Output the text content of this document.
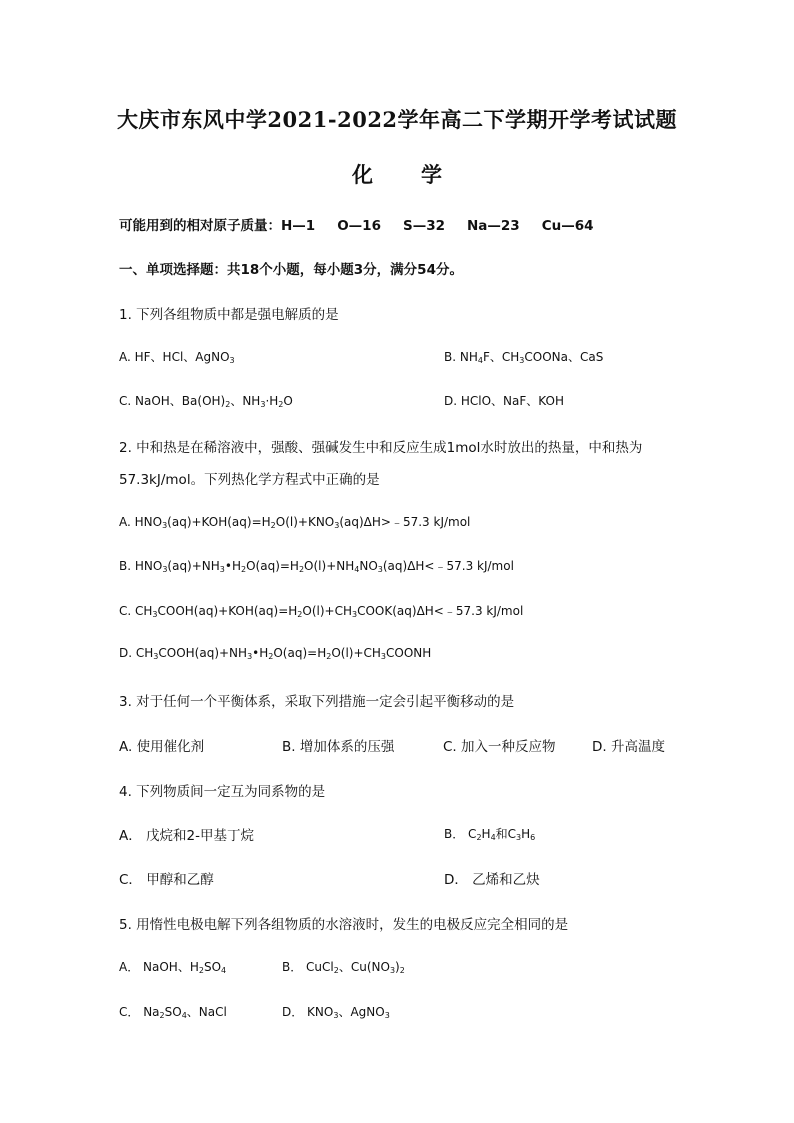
大庆市东风中学2021-2022学年高二下学期开学考试试题
化 学
可能用到的相对原子质量：H—1 O—16 S—32 Na—23 Cu—64
一、单项选择题：共18个小题，每小题3分，满分54分。
1. 下列各组物质中都是强电解质的是
A. HF、HCl、AgNO$_3$	B. $NH_4F$、$CH_3COONa$、CaS
C. NaOH、$Ba(OH)_2$、$NH_3\cdot H_2O$	D. HClO、NaF、KOH
2. 中和热是在稀溶液中，强酸、强碱发生中和反应生成1mol水时放出的热量，中和热为
57.3kJ/mol。下列热化学方程式中正确的是
A. $HNO_3(aq)+KOH(aq)=H_2O(l)+KNO_3(aq)\Delta H>﹣57.3$ kJ/mol
B. $HNO_3(aq)+NH_3•H_2O(aq)=H_2O(l)+NH_4NO_3(aq)\Delta H<﹣57.3$ kJ/mol
C. $CH_3COOH(aq)+KOH(aq)=H_2O(l)+CH_3COOK(aq)\Delta H<﹣57.3$ kJ/mol
D. $CH_3COOH(aq)+NH_3•H_2O(aq)=H_2O(l)+CH_3COONH$
3. 对于任何一个平衡体系，采取下列措施一定会引起平衡移动的是
A. 使用催化剂	B. 增加体系的压强	C. 加入一种反应物	D. 升高温度
4. 下列物质间一定互为同系物的是
A． 戊烷和2-甲基丁烷	B． $C_2H_4$和$C_3H_6$
C． 甲醇和乙醇	D． 乙烯和乙炔
5. 用惰性电极电解下列各组物质的水溶液时，发生的电极反应完全相同的是
A． NaOH、$H_2SO_4$	B． CuCl$_2$、$Cu(NO_3)_2$
C． $Na_2SO_4$、NaCl	D． $KNO_3$、AgNO$_3$
